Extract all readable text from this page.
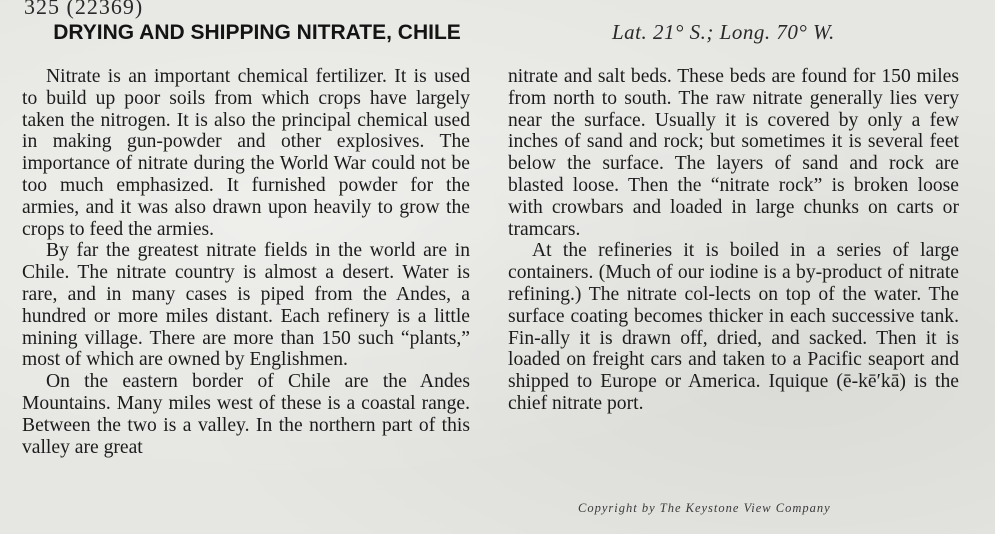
325 (22369)
DRYING AND SHIPPING NITRATE, CHILE	Lat. 21° S.; Long. 70° W.

Nitrate is an important chemical fertilizer. It is used to build up poor soils from which crops have largely taken the nitrogen. It is also the principal chemical used in making gun-powder and other explosives. The importance of nitrate during the World War could not be too much emphasized. It furnished powder for the armies, and it was also drawn upon heavily to grow the crops to feed the armies.

By far the greatest nitrate fields in the world are in Chile. The nitrate country is almost a desert. Water is rare, and in many cases is piped from the Andes, a hundred or more miles distant. Each refinery is a little mining village. There are more than 150 such “plants,” most of which are owned by Englishmen.

On the eastern border of Chile are the Andes Mountains. Many miles west of these is a coastal range. Between the two is a valley. In the northern part of this valley are great

nitrate and salt beds. These beds are found for 150 miles from north to south. The raw nitrate generally lies very near the surface. Usually it is covered by only a few inches of sand and rock; but sometimes it is several feet below the surface. The layers of sand and rock are blasted loose. Then the “nitrate rock” is broken loose with crowbars and loaded in large chunks on carts or tramcars.

At the refineries it is boiled in a series of large containers. (Much of our iodine is a by-product of nitrate refining.) The nitrate col-lects on top of the water. The surface coating becomes thicker in each successive tank. Fin-ally it is drawn off, dried, and sacked. Then it is loaded on freight cars and taken to a Pacific seaport and shipped to Europe or America. Iquique (ē-kē′kā) is the chief nitrate port.

Copyright by The Keystone View Company
